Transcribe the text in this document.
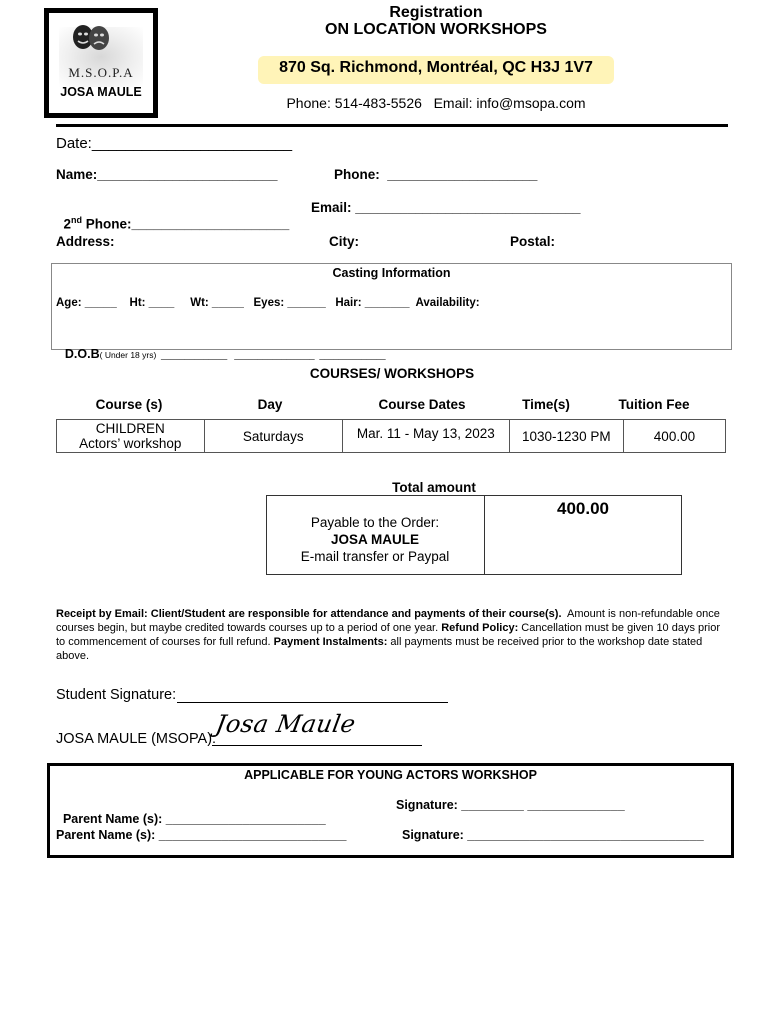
M.S.O.P.A
JOSA MAULE
Registration
ON LOCATION WORKSHOPS
870 Sq. Richmond, Montréal, QC H3J 1V7
Phone: 514-483-5526   Email: info@msopa.com
Date:________________________
Name:________________________	Phone:  ____________________

2nd Phone:_____________________

Email: ______________________________
Address:	City:	Postal:
Casting Information
Age: _____    Ht: ____     Wt: _____   Eyes: ______   Hair: _______  Availability:

D.O.B( Under 18 yrs)  ______________   _________________  ______________

COURSES/ WORKSHOPS
Course (s)	Day	Course Dates	Time(s)	Tuition Fee
CHILDREN
Actors’ workshop	Saturdays	Mar. 11 - May 13, 2023	1030-1230 PM	400.00
Total amount
Payable to the Order:
JOSA MAULE
E-mail transfer or Paypal
400.00
Receipt by Email: Client/Student are responsible for attendance and payments of their course(s).  Amount is non-refundable once courses begin, but maybe credited towards courses up to a period of one year. Refund Policy: Cancellation must be given 10 days prior to commencement of courses for full refund. Payment Instalments: all payments must be received prior to the workshop date stated above.
Student Signature:
JOSA MAULE (MSOPA):
Josa Maule
APPLICABLE FOR YOUNG ACTORS WORKSHOP

Parent Name (s): _______________________

Signature: _________ ______________
Parent Name (s): ___________________________	Signature: __________________________________
